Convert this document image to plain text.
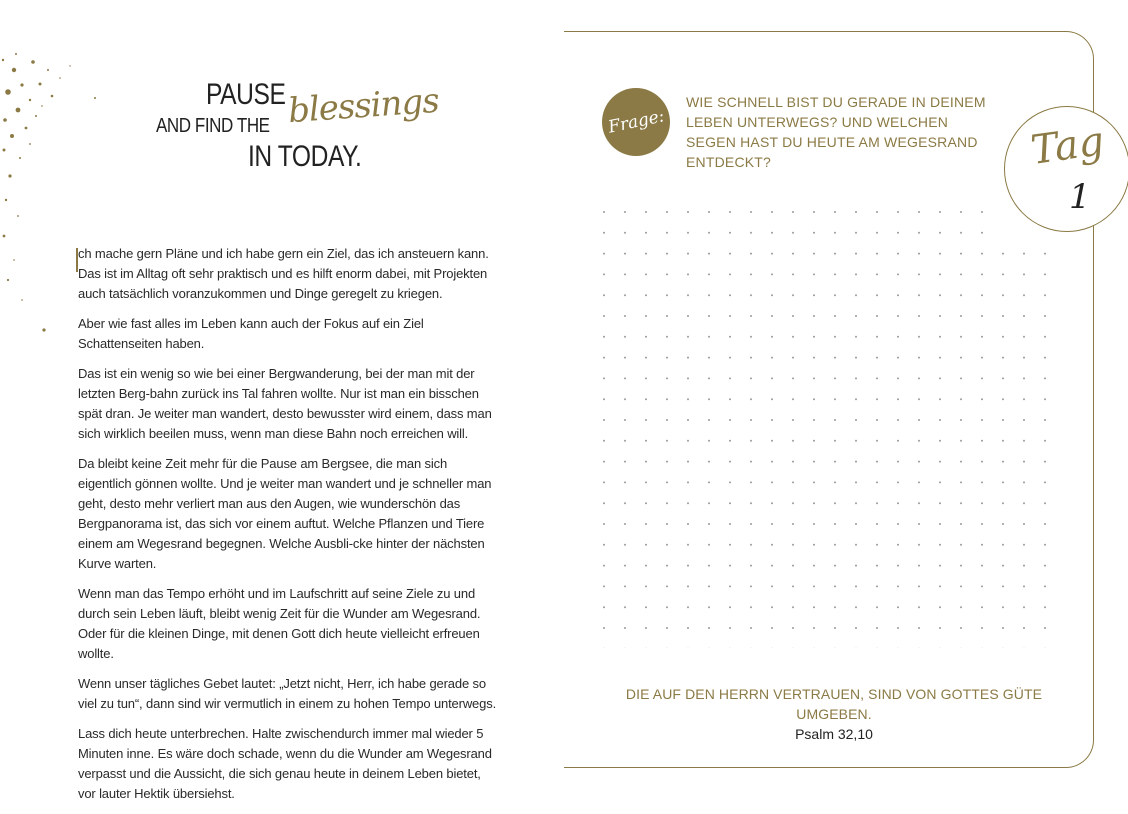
PAUSE
AND FIND THE blessings
IN TODAY.

ch mache gern Pläne und ich habe gern ein Ziel, das ich ansteuern kann. Das ist im Alltag oft sehr praktisch und es hilft enorm dabei, mit Projekten auch tatsächlich voranzukommen und Dinge geregelt zu kriegen.

Aber wie fast alles im Leben kann auch der Fokus auf ein Ziel Schattenseiten haben.

Das ist ein wenig so wie bei einer Bergwanderung, bei der man mit der letzten Berg-bahn zurück ins Tal fahren wollte. Nur ist man ein bisschen spät dran. Je weiter man wandert, desto bewusster wird einem, dass man sich wirklich beeilen muss, wenn man diese Bahn noch erreichen will.

Da bleibt keine Zeit mehr für die Pause am Bergsee, die man sich eigentlich gönnen wollte. Und je weiter man wandert und je schneller man geht, desto mehr verliert man aus den Augen, wie wunderschön das Bergpanorama ist, das sich vor einem auftut. Welche Pflanzen und Tiere einem am Wegesrand begegnen. Welche Ausbli-cke hinter der nächsten Kurve warten.

Wenn man das Tempo erhöht und im Laufschritt auf seine Ziele zu und durch sein Leben läuft, bleibt wenig Zeit für die Wunder am Wegesrand. Oder für die kleinen Dinge, mit denen Gott dich heute vielleicht erfreuen wollte.

Wenn unser tägliches Gebet lautet: „Jetzt nicht, Herr, ich habe gerade so viel zu tun“, dann sind wir vermutlich in einem zu hohen Tempo unterwegs.

Lass dich heute unterbrechen. Halte zwischendurch immer mal wieder 5 Minuten inne. Es wäre doch schade, wenn du die Wunder am Wegesrand verpasst und die Aussicht, die sich genau heute in deinem Leben bietet, vor lauter Hektik übersiehst.

Frage:
WIE SCHNELL BIST DU GERADE IN DEINEM LEBEN UNTERWEGS? UND WELCHEN SEGEN HAST DU HEUTE AM WEGESRAND ENTDECKT?	Tag
1
DIE AUF DEN HERRN VERTRAUEN, SIND VON GOTTES GÜTE UMGEBEN.
Psalm 32,10
